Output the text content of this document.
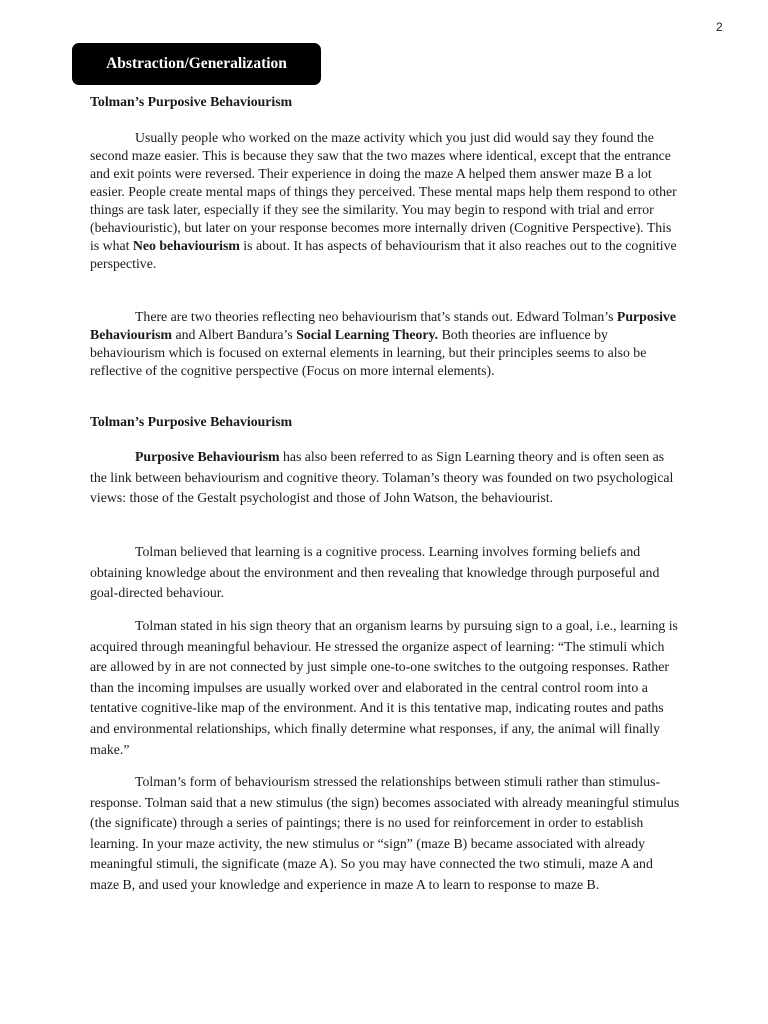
2
Abstraction/Generalization
Tolman’s Purposive Behaviourism

Usually people who worked on the maze activity which you just did would say they found the second maze easier. This is because they saw that the two mazes where identical, except that the entrance and exit points were reversed. Their experience in doing the maze A helped them answer maze B a lot easier. People create mental maps of things they perceived. These mental maps help them respond to other things are task later, especially if they see the similarity. You may begin to respond with trial and error (behaviouristic), but later on your response becomes more internally driven (Cognitive Perspective). This is what Neo behaviourism is about. It has aspects of behaviourism that it also reaches out to the cognitive perspective.

There are two theories reflecting neo behaviourism that’s stands out. Edward Tolman’s Purposive Behaviourism and Albert Bandura’s Social Learning Theory. Both theories are influence by behaviourism which is focused on external elements in learning, but their principles seems to also be reflective of the cognitive perspective (Focus on more internal elements).

Tolman’s Purposive Behaviourism

Purposive Behaviourism has also been referred to as Sign Learning theory and is often seen as the link between behaviourism and cognitive theory. Tolaman’s theory was founded on two psychological views: those of the Gestalt psychologist and those of John Watson, the behaviourist.

Tolman believed that learning is a cognitive process. Learning involves forming beliefs and obtaining knowledge about the environment and then revealing that knowledge through purposeful and goal-directed behaviour.

Tolman stated in his sign theory that an organism learns by pursuing sign to a goal, i.e., learning is acquired through meaningful behaviour. He stressed the organize aspect of learning: “The stimuli which are allowed by in are not connected by just simple one-to-one switches to the outgoing responses. Rather than the incoming impulses are usually worked over and elaborated in the central control room into a tentative cognitive-like map of the environment. And it is this tentative map, indicating routes and paths and environmental relationships, which finally determine what responses, if any, the animal will finally make.”

Tolman’s form of behaviourism stressed the relationships between stimuli rather than stimulus-response. Tolman said that a new stimulus (the sign) becomes associated with already meaningful stimulus (the significate) through a series of paintings; there is no used for reinforcement in order to establish learning. In your maze activity, the new stimulus or “sign” (maze B) became associated with already meaningful stimuli, the significate (maze A). So you may have connected the two stimuli, maze A and maze B, and used your knowledge and experience in maze A to learn to response to maze B.
